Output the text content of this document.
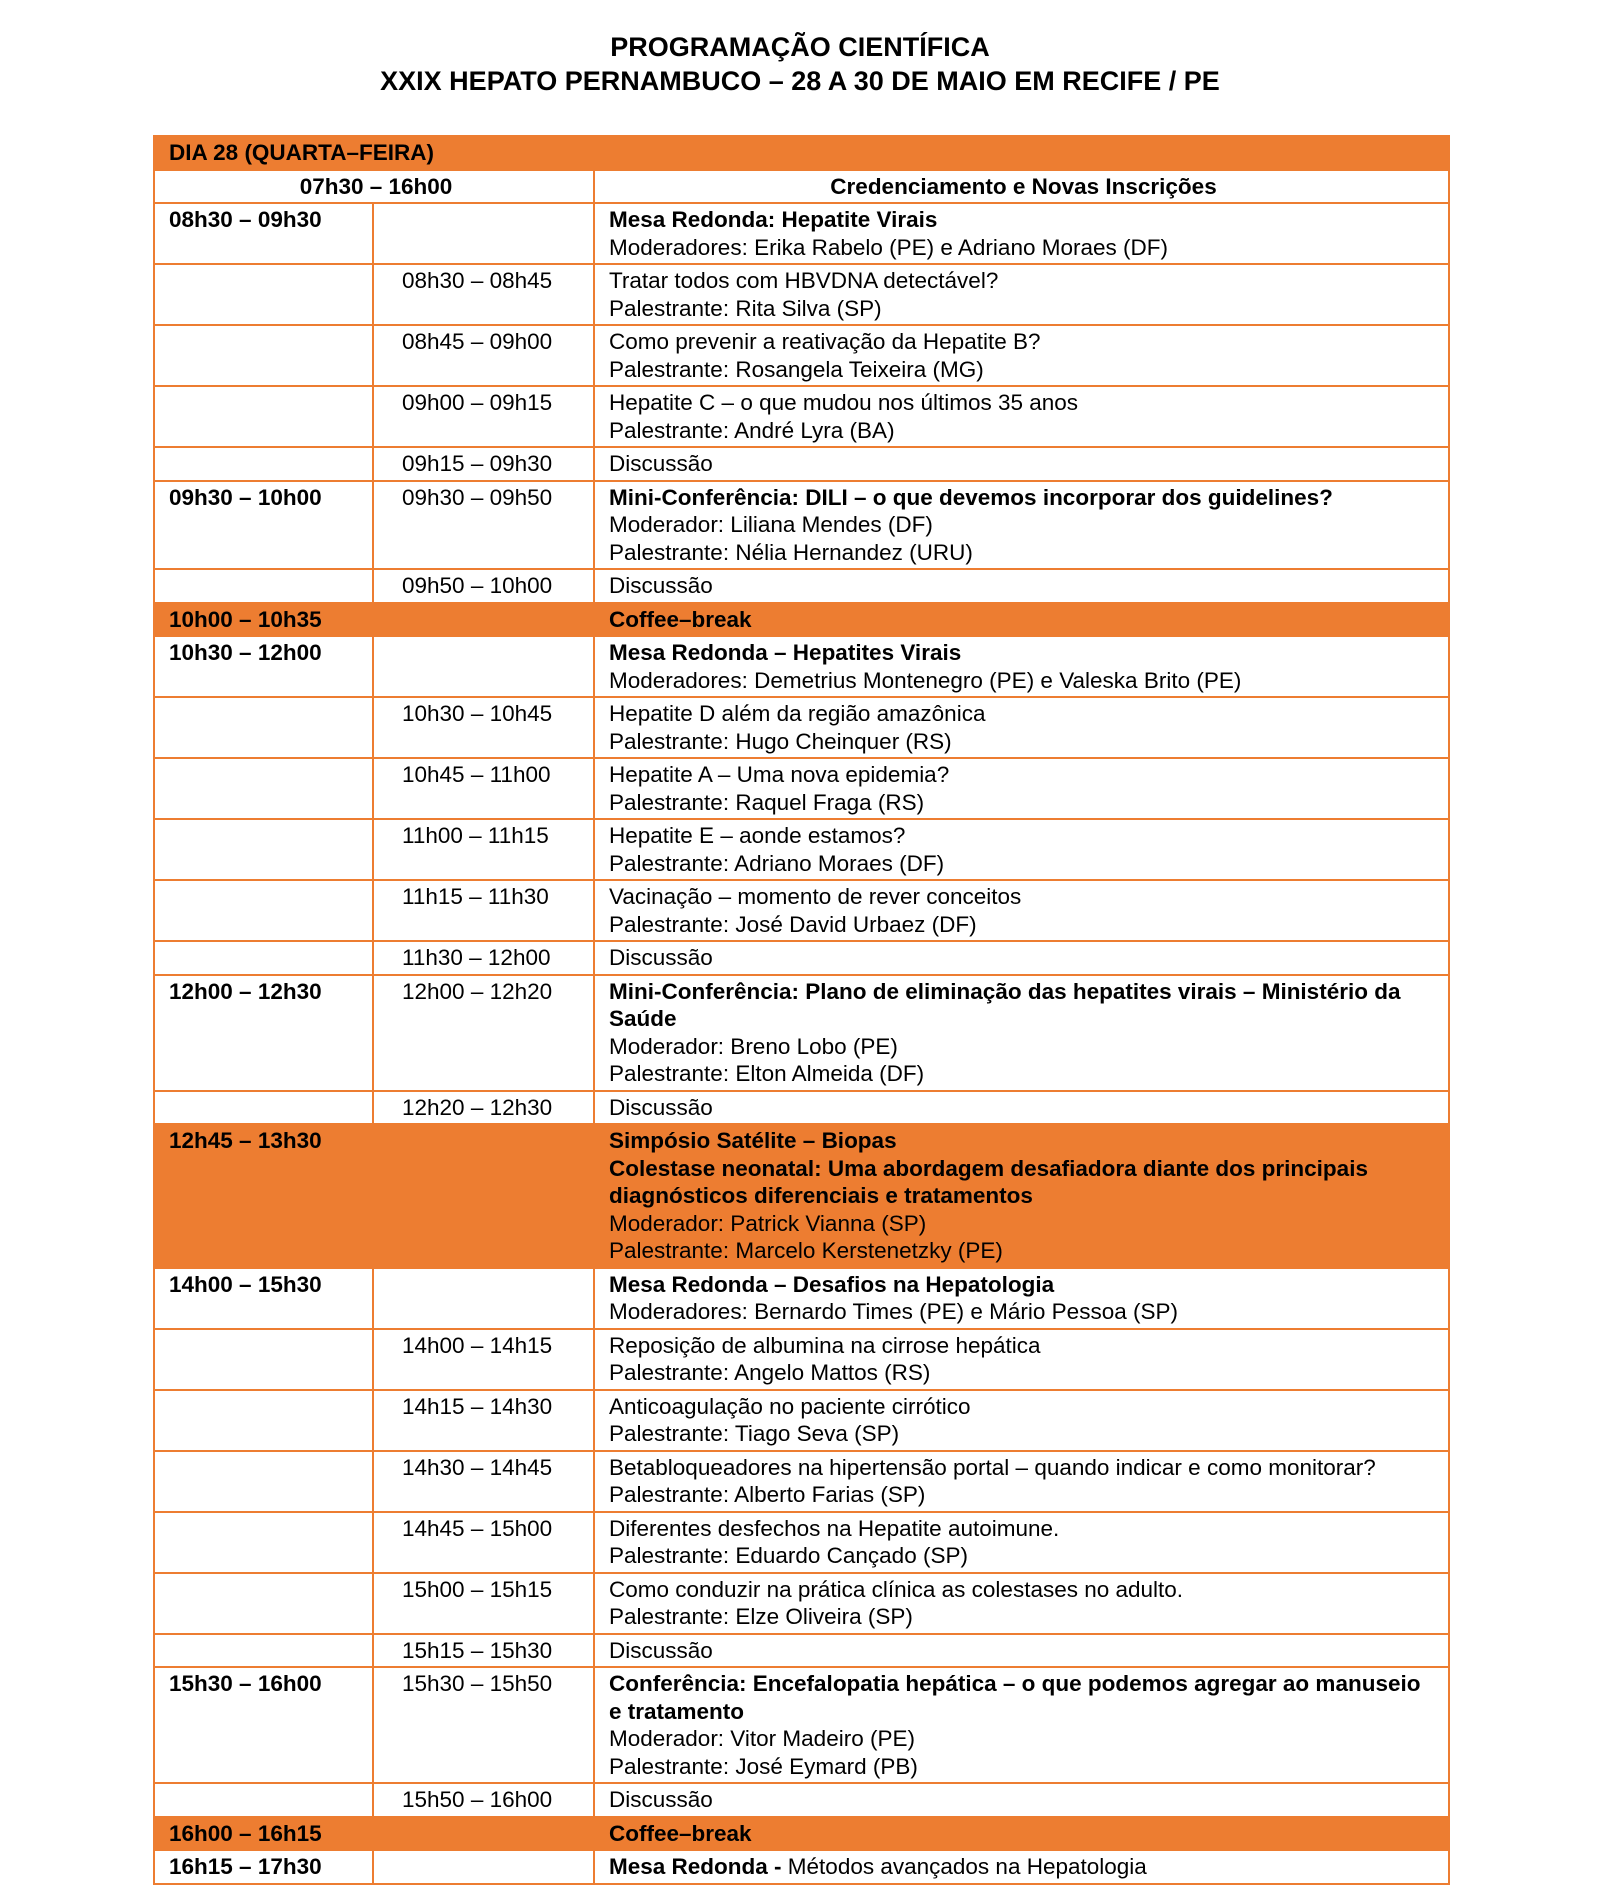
PROGRAMAÇÃO CIENTÍFICA
XXIX HEPATO PERNAMBUCO – 28 A 30 DE MAIO EM RECIFE / PE
DIA 28 (QUARTA–FEIRA)		
07h30 – 16h00		Credenciamento e Novas Inscrições
08h30 – 09h30		Mesa Redonda: Hepatite Virais
Moderadores: Erika Rabelo (PE) e Adriano Moraes (DF)

	08h30 – 08h45	Tratar todos com HBVDNA detectável?
Palestrante: Rita Silva (SP)

	08h45 – 09h00	Como prevenir a reativação da Hepatite B?
Palestrante: Rosangela Teixeira (MG)

	09h00 – 09h15	Hepatite C – o que mudou nos últimos 35 anos
Palestrante: André Lyra (BA)

	09h15 – 09h30	Discussão
09h30 – 10h00	09h30 – 09h50	Mini-Conferência: DILI – o que devemos incorporar dos guidelines?
Moderador: Liliana Mendes (DF)
Palestrante: Nélia Hernandez (URU)

	09h50 – 10h00	Discussão
10h00 – 10h35		Coffee–break
10h30 – 12h00		Mesa Redonda – Hepatites Virais
Moderadores: Demetrius Montenegro (PE) e Valeska Brito (PE)

	10h30 – 10h45	Hepatite D além da região amazônica
Palestrante: Hugo Cheinquer (RS)

	10h45 – 11h00	Hepatite A – Uma nova epidemia?
Palestrante: Raquel Fraga (RS)

	11h00 – 11h15	Hepatite E – aonde estamos?
Palestrante: Adriano Moraes (DF)

	11h15 – 11h30	Vacinação – momento de rever conceitos
Palestrante: José David Urbaez (DF)

	11h30 – 12h00	Discussão
12h00 – 12h30	12h00 – 12h20	Mini-Conferência: Plano de eliminação das hepatites virais – Ministério da Saúde
Moderador: Breno Lobo (PE)
Palestrante: Elton Almeida (DF)

	12h20 – 12h30	Discussão
12h45 – 13h30		Simpósio Satélite – Biopas
Colestase neonatal: Uma abordagem desafiadora diante dos principais diagnósticos diferenciais e tratamentos
Moderador: Patrick Vianna (SP)
Palestrante: Marcelo Kerstenetzky (PE)

14h00 – 15h30		Mesa Redonda – Desafios na Hepatologia
Moderadores: Bernardo Times (PE) e Mário Pessoa (SP)

	14h00 – 14h15	Reposição de albumina na cirrose hepática
Palestrante: Angelo Mattos (RS)

	14h15 – 14h30	Anticoagulação no paciente cirrótico
Palestrante: Tiago Seva (SP)

	14h30 – 14h45	Betabloqueadores na hipertensão portal – quando indicar e como monitorar?
Palestrante: Alberto Farias (SP)

	14h45 – 15h00	Diferentes desfechos na Hepatite autoimune.
Palestrante: Eduardo Cançado (SP)

	15h00 – 15h15	Como conduzir na prática clínica as colestases no adulto.
Palestrante: Elze Oliveira (SP)

	15h15 – 15h30	Discussão
15h30 – 16h00	15h30 – 15h50	Conferência: Encefalopatia hepática – o que podemos agregar ao manuseio e tratamento
Moderador: Vitor Madeiro (PE)
Palestrante: José Eymard (PB)

	15h50 – 16h00	Discussão
16h00 – 16h15		Coffee–break
16h15 – 17h30		Mesa Redonda - Métodos avançados na Hepatologia
